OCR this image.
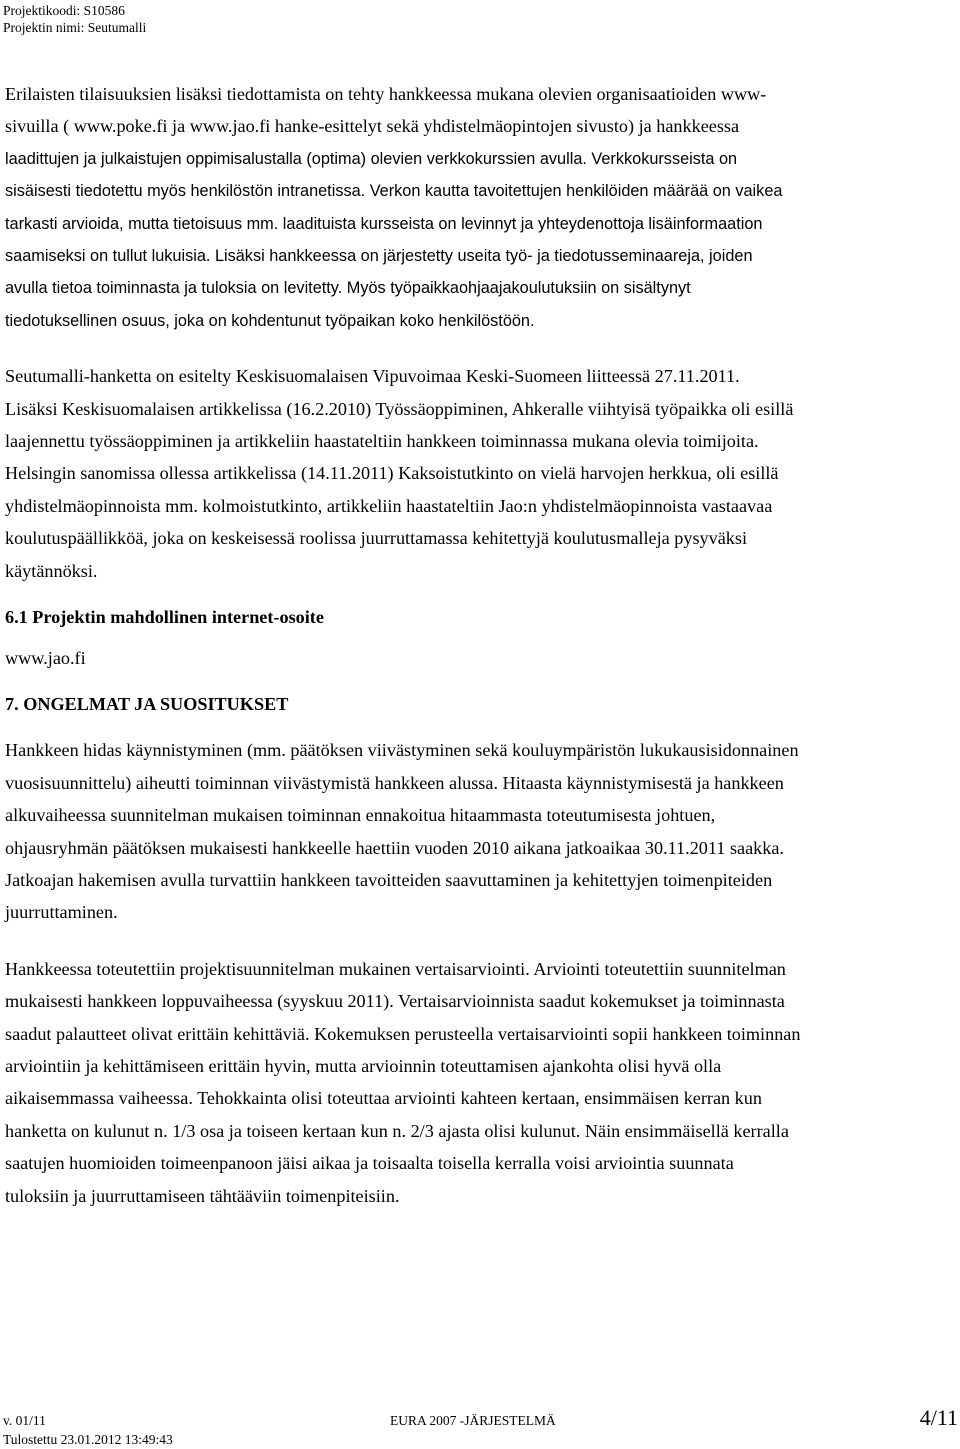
Projektikoodi: S10586
Projektin nimi: Seutumalli

Erilaisten tilaisuuksien lisäksi tiedottamista on tehty hankkeessa mukana olevien organisaatioiden www-
sivuilla ( www.poke.fi ja www.jao.fi hanke-esittelyt sekä yhdistelmäopintojen sivusto) ja hankkeessa
laadittujen ja julkaistujen oppimisalustalla (optima) olevien verkkokurssien avulla. Verkkokursseista on
sisäisesti tiedotettu myös henkilöstön intranetissa. Verkon kautta tavoitettujen henkilöiden määrää on vaikea
tarkasti arvioida, mutta tietoisuus mm. laadituista kursseista on levinnyt ja yhteydenottoja lisäinformaation
saamiseksi on tullut lukuisia. Lisäksi hankkeessa on järjestetty useita työ- ja tiedotusseminaareja, joiden
avulla tietoa toiminnasta ja tuloksia on levitetty. Myös työpaikkaohjaajakoulutuksiin on sisältynyt
tiedotuksellinen osuus, joka on kohdentunut työpaikan koko henkilöstöön.

Seutumalli-hanketta on esitelty Keskisuomalaisen Vipuvoimaa Keski-Suomeen liitteessä 27.11.2011.
Lisäksi Keskisuomalaisen artikkelissa (16.2.2010) Työssäoppiminen, Ahkeralle viihtyisä työpaikka oli esillä
laajennettu työssäoppiminen ja artikkeliin haastateltiin hankkeen toiminnassa mukana olevia toimijoita.
Helsingin sanomissa ollessa artikkelissa (14.11.2011) Kaksoistutkinto on vielä harvojen herkkua, oli esillä
yhdistelmäopinnoista mm. kolmoistutkinto, artikkeliin haastateltiin Jao:n yhdistelmäopinnoista vastaavaa
koulutuspäällikköä, joka on keskeisessä roolissa juurruttamassa kehitettyjä koulutusmalleja pysyväksi
käytännöksi.

6.1 Projektin mahdollinen internet-osoite

www.jao.fi

7. ONGELMAT JA SUOSITUKSET

Hankkeen hidas käynnistyminen (mm. päätöksen viivästyminen sekä kouluympäristön lukukausisidonnainen
vuosisuunnittelu) aiheutti toiminnan viivästymistä hankkeen alussa. Hitaasta käynnistymisestä ja hankkeen
alkuvaiheessa suunnitelman mukaisen toiminnan ennakoitua hitaammasta toteutumisesta johtuen,
ohjausryhmän päätöksen mukaisesti hankkeelle haettiin vuoden 2010 aikana jatkoaikaa 30.11.2011 saakka.
Jatkoajan hakemisen avulla turvattiin hankkeen tavoitteiden saavuttaminen ja kehitettyjen toimenpiteiden
juurruttaminen.

Hankkeessa toteutettiin projektisuunnitelman mukainen vertaisarviointi. Arviointi toteutettiin suunnitelman
mukaisesti hankkeen loppuvaiheessa (syyskuu 2011). Vertaisarvioinnista saadut kokemukset ja toiminnasta
saadut palautteet olivat erittäin kehittäviä. Kokemuksen perusteella vertaisarviointi sopii hankkeen toiminnan
arviointiin ja kehittämiseen erittäin hyvin, mutta arvioinnin toteuttamisen ajankohta olisi hyvä olla
aikaisemmassa vaiheessa. Tehokkainta olisi toteuttaa arviointi kahteen kertaan, ensimmäisen kerran kun
hanketta on kulunut n. 1/3 osa ja toiseen kertaan kun n. 2/3 ajasta olisi kulunut. Näin ensimmäisellä kerralla
saatujen huomioiden toimeenpanoon jäisi aikaa ja toisaalta toisella kerralla voisi arviointia suunnata
tuloksiin ja juurruttamiseen tähtääviin toimenpiteisiin.

v. 01/11
Tulostettu 23.01.2012 13:49:43
EURA 2007 -JÄRJESTELMÄ	4/11
